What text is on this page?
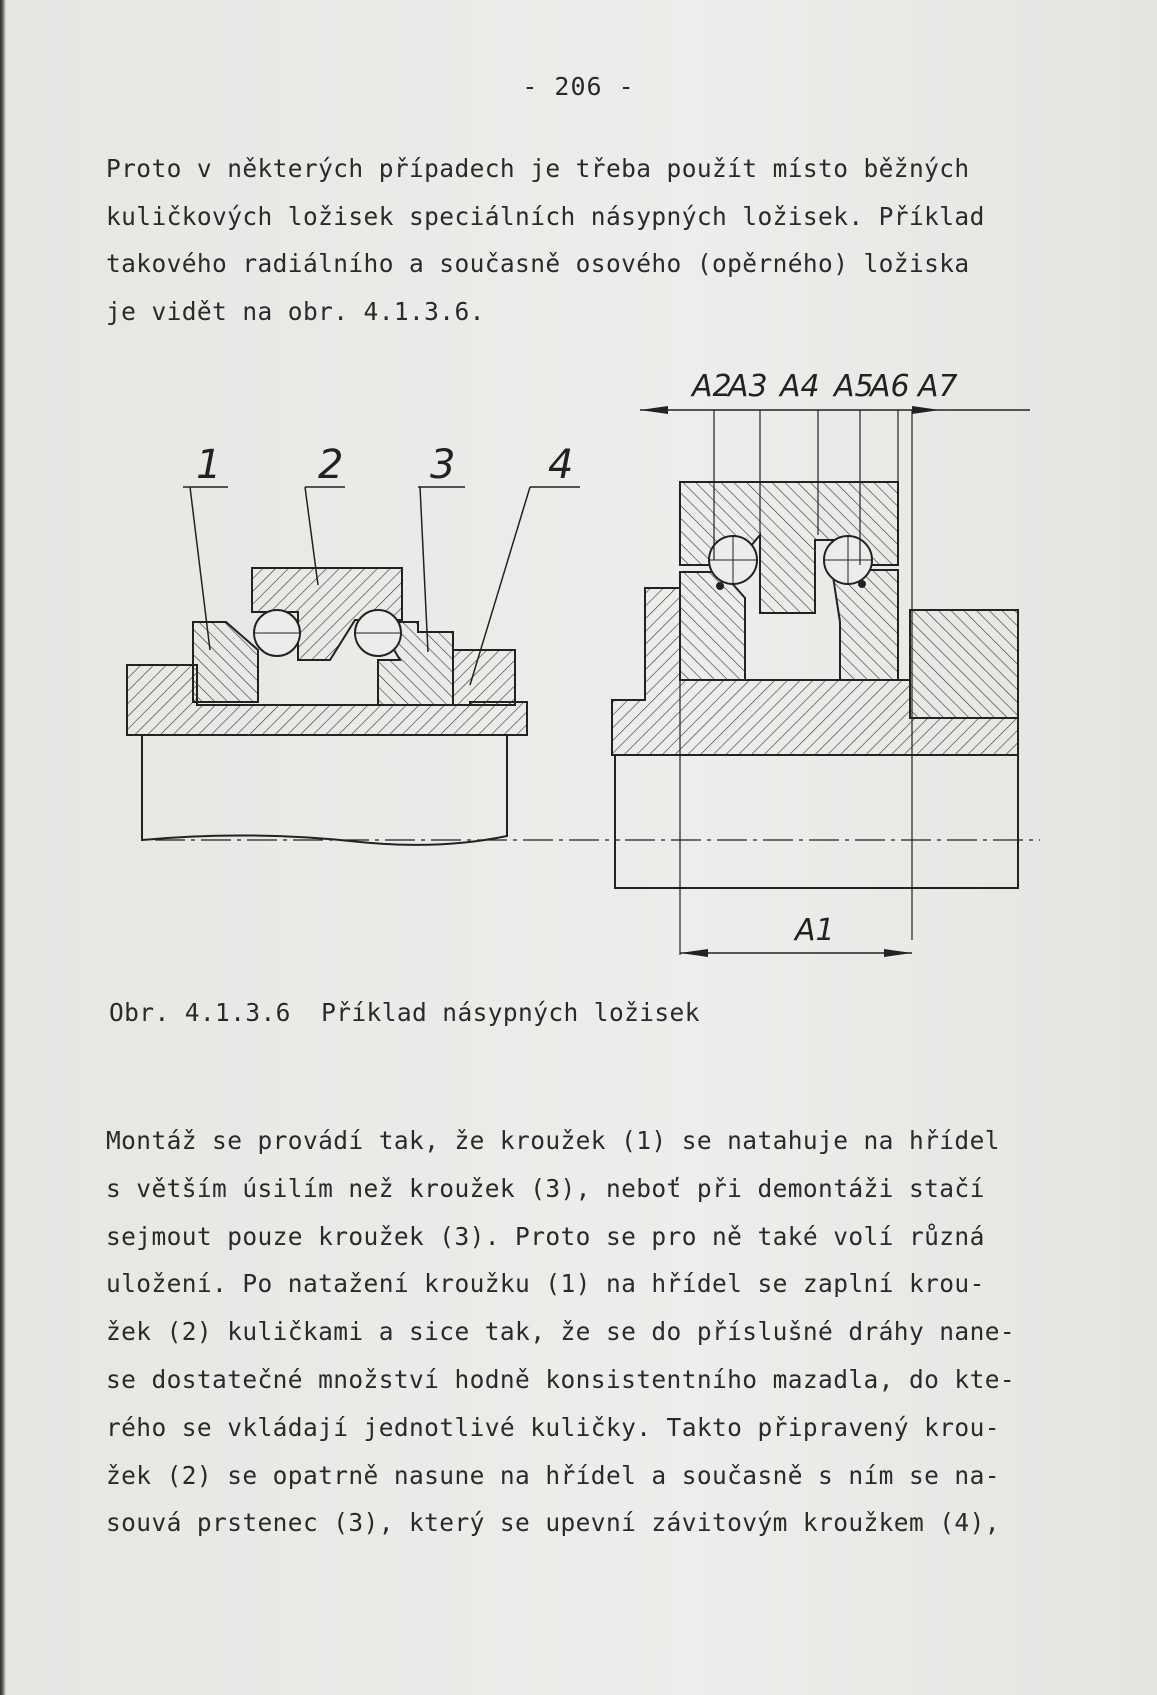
- 206 -
Proto v některých případech je třeba použít místo běžných
kuličkových ložisek speciálních násypných ložisek. Příklad
takového radiálního a současně osového (opěrného) ložiska
je vidět na obr. 4.1.3.6.
1 2 3 4
A2
A3 A4 A5
A6 A7
A1
Obr. 4.1.3.6  Příklad násypných ložisek
Montáž se provádí tak, že kroužek (1) se natahuje na hřídel
s větším úsilím než kroužek (3), neboť při demontáži stačí
sejmout pouze kroužek (3). Proto se pro ně také volí různá
uložení. Po natažení kroužku (1) na hřídel se zaplní krou-
žek (2) kuličkami a sice tak, že se do příslušné dráhy nane-
se dostatečné množství hodně konsistentního mazadla, do kte-
rého se vkládají jednotlivé kuličky. Takto připravený krou-
žek (2) se opatrně nasune na hřídel a současně s ním se na-
souvá prstenec (3), který se upevní závitovým kroužkem (4),
